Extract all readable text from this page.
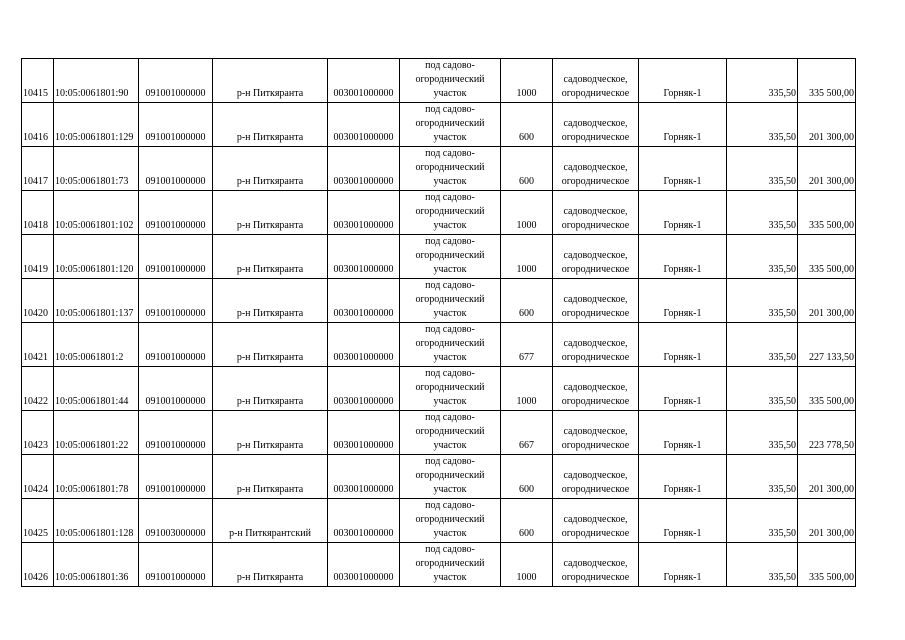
10415	10:05:0061801:90	091001000000	р-н Питкяранта	003001000000	под садово-
огороднический
участок	1000	садоводческое,
огородническое	Горняк-1	335,50	335 500,00
10416	10:05:0061801:129	091001000000	р-н Питкяранта	003001000000	под садово-
огороднический
участок	600	садоводческое,
огородническое	Горняк-1	335,50	201 300,00
10417	10:05:0061801:73	091001000000	р-н Питкяранта	003001000000	под садово-
огороднический
участок	600	садоводческое,
огородническое	Горняк-1	335,50	201 300,00
10418	10:05:0061801:102	091001000000	р-н Питкяранта	003001000000	под садово-
огороднический
участок	1000	садоводческое,
огородническое	Горняк-1	335,50	335 500,00
10419	10:05:0061801:120	091001000000	р-н Питкяранта	003001000000	под садово-
огороднический
участок	1000	садоводческое,
огородническое	Горняк-1	335,50	335 500,00
10420	10:05:0061801:137	091001000000	р-н Питкяранта	003001000000	под садово-
огороднический
участок	600	садоводческое,
огородническое	Горняк-1	335,50	201 300,00
10421	10:05:0061801:2	091001000000	р-н Питкяранта	003001000000	под садово-
огороднический
участок	677	садоводческое,
огородническое	Горняк-1	335,50	227 133,50
10422	10:05:0061801:44	091001000000	р-н Питкяранта	003001000000	под садово-
огороднический
участок	1000	садоводческое,
огородническое	Горняк-1	335,50	335 500,00
10423	10:05:0061801:22	091001000000	р-н Питкяранта	003001000000	под садово-
огороднический
участок	667	садоводческое,
огородническое	Горняк-1	335,50	223 778,50
10424	10:05:0061801:78	091001000000	р-н Питкяранта	003001000000	под садово-
огороднический
участок	600	садоводческое,
огородническое	Горняк-1	335,50	201 300,00
10425	10:05:0061801:128	091003000000	р-н Питкярантский	003001000000	под садово-
огороднический
участок	600	садоводческое,
огородническое	Горняк-1	335,50	201 300,00
10426	10:05:0061801:36	091001000000	р-н Питкяранта	003001000000	под садово-
огороднический
участок	1000	садоводческое,
огородническое	Горняк-1	335,50	335 500,00
